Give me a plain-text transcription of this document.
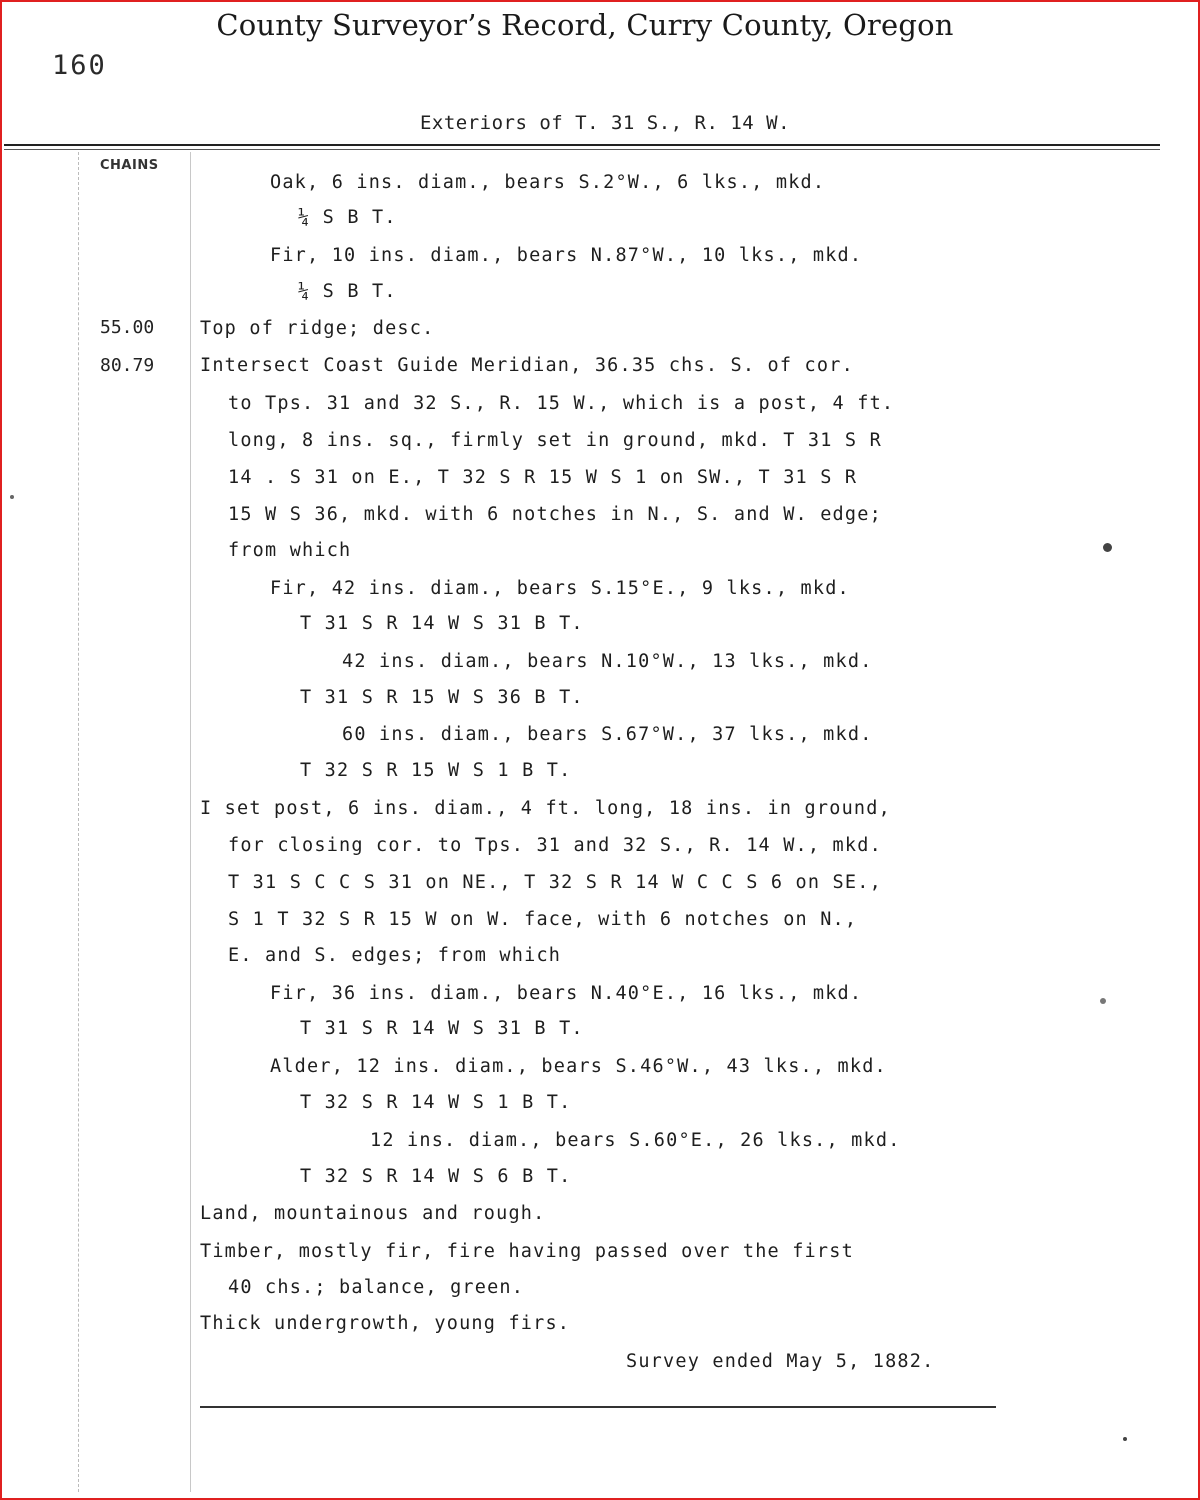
County Surveyor’s Record, Curry County, Oregon
160
Exteriors of T. 31 S., R. 14 W.
CHAINS
55.00
80.79
Oak, 6 ins. diam., bears S.2°W., 6 lks., mkd.
¼ S B T.
Fir, 10 ins. diam., bears N.87°W., 10 lks., mkd.
¼ S B T.
Top of ridge; desc.
Intersect Coast Guide Meridian, 36.35 chs. S. of cor.
to Tps. 31 and 32 S., R. 15 W., which is a post, 4 ft.
long, 8 ins. sq., firmly set in ground, mkd. T 31 S R
14 . S 31 on E., T 32 S R 15 W S 1 on SW., T 31 S R
15 W S 36, mkd. with 6 notches in N., S. and W. edge;
from which
Fir, 42 ins. diam., bears S.15°E., 9 lks., mkd.
T 31 S R 14 W S 31 B T.
42 ins. diam., bears N.10°W., 13 lks., mkd.
T 31 S R 15 W S 36 B T.
60 ins. diam., bears S.67°W., 37 lks., mkd.
T 32 S R 15 W S 1 B T.
I set post, 6 ins. diam., 4 ft. long, 18 ins. in ground,
for closing cor. to Tps. 31 and 32 S., R. 14 W., mkd.
T 31 S C C S 31 on NE., T 32 S R 14 W C C S 6 on SE.,
S 1 T 32 S R 15 W on W. face, with 6 notches on N.,
E. and S. edges; from which
Fir, 36 ins. diam., bears N.40°E., 16 lks., mkd.
T 31 S R 14 W S 31 B T.
Alder, 12 ins. diam., bears S.46°W., 43 lks., mkd.
T 32 S R 14 W S 1 B T.
12 ins. diam., bears S.60°E., 26 lks., mkd.
T 32 S R 14 W S 6 B T.
Land, mountainous and rough.
Timber, mostly fir, fire having passed over the first
40 chs.; balance, green.
Thick undergrowth, young firs.
Survey ended May 5, 1882.
